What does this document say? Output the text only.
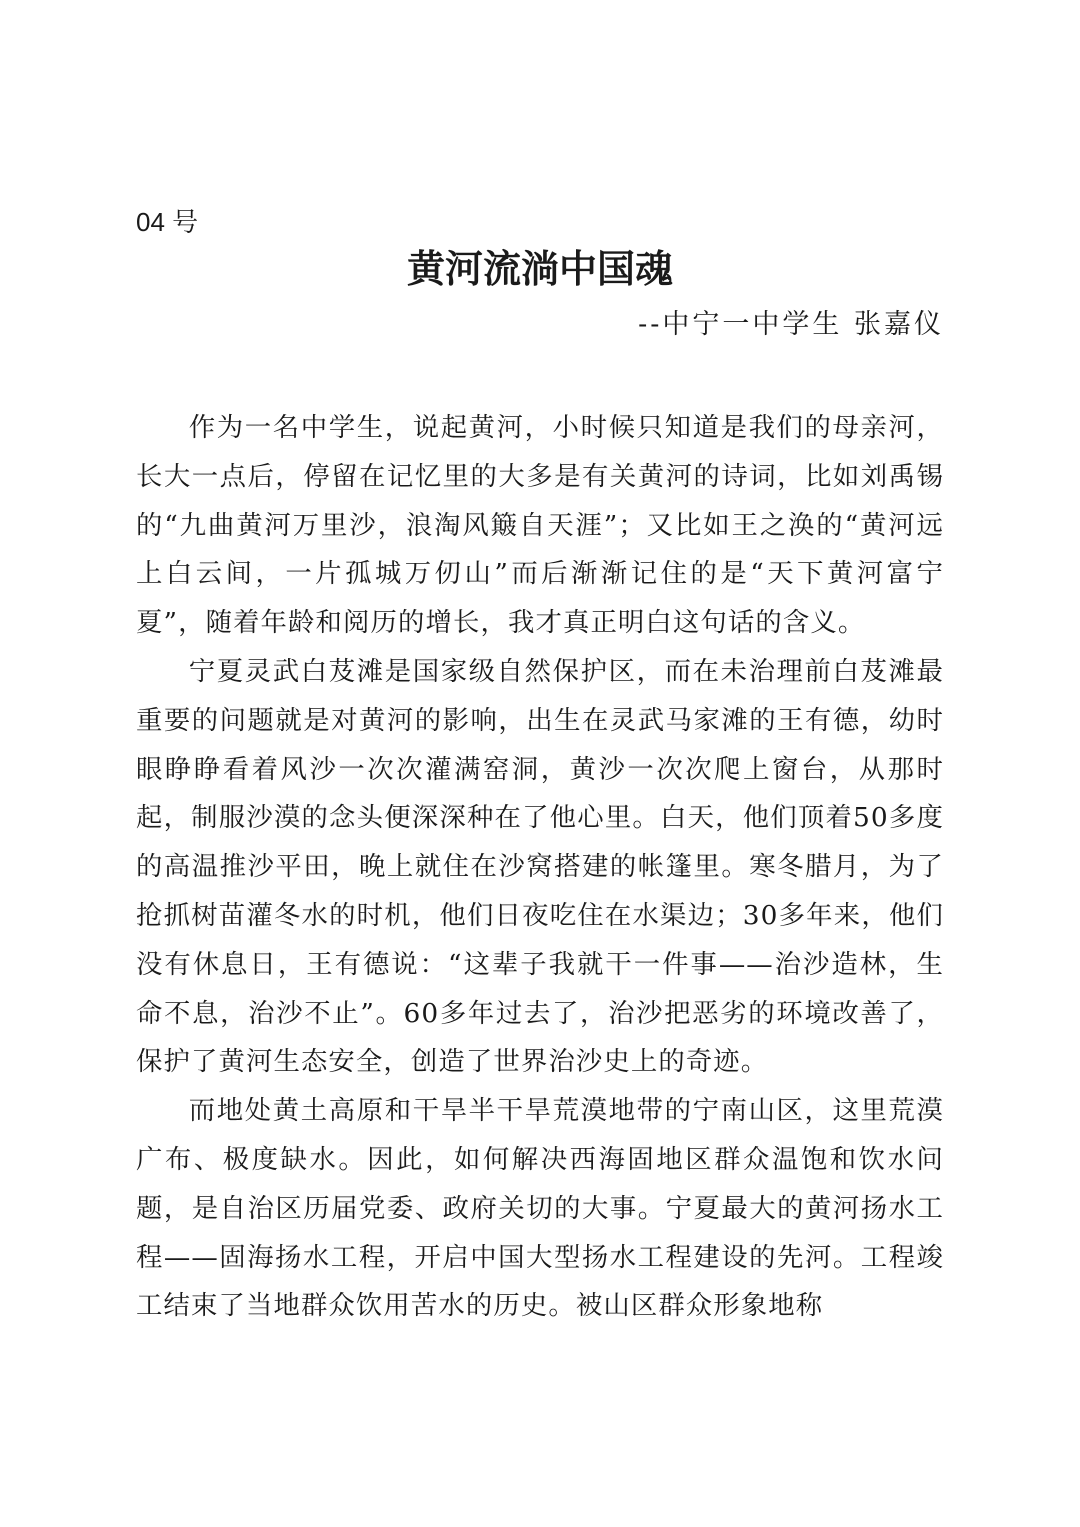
04 号
黄河流淌中国魂
--中宁一中学生 张嘉仪

作为一名中学生，说起黄河，小时候只知道是我们的母亲河，长大一点后，停留在记忆里的大多是有关黄河的诗词，比如刘禹锡的“九曲黄河万里沙，浪淘风簸自天涯”；又比如王之涣的“黄河远上白云间，一片孤城万仞山”而后渐渐记住的是“天下黄河富宁夏”，随着年龄和阅历的增长，我才真正明白这句话的含义。

宁夏灵武白芨滩是国家级自然保护区，而在未治理前白芨滩最重要的问题就是对黄河的影响，出生在灵武马家滩的王有德，幼时眼睁睁看着风沙一次次灌满窑洞，黄沙一次次爬上窗台，从那时起，制服沙漠的念头便深深种在了他心里。白天，他们顶着50多度的高温推沙平田，晚上就住在沙窝搭建的帐篷里。寒冬腊月，为了抢抓树苗灌冬水的时机，他们日夜吃住在水渠边；30多年来，他们没有休息日，王有德说：“这辈子我就干一件事——治沙造林，生命不息，治沙不止”。60多年过去了，治沙把恶劣的环境改善了，保护了黄河生态安全，创造了世界治沙史上的奇迹。

而地处黄土高原和干旱半干旱荒漠地带的宁南山区，这里荒漠广布、极度缺水。因此，如何解决西海固地区群众温饱和饮水问题，是自治区历届党委、政府关切的大事。宁夏最大的黄河扬水工程——固海扬水工程，开启中国大型扬水工程建设的先河。工程竣工结束了当地群众饮用苦水的历史。被山区群众形象地称
